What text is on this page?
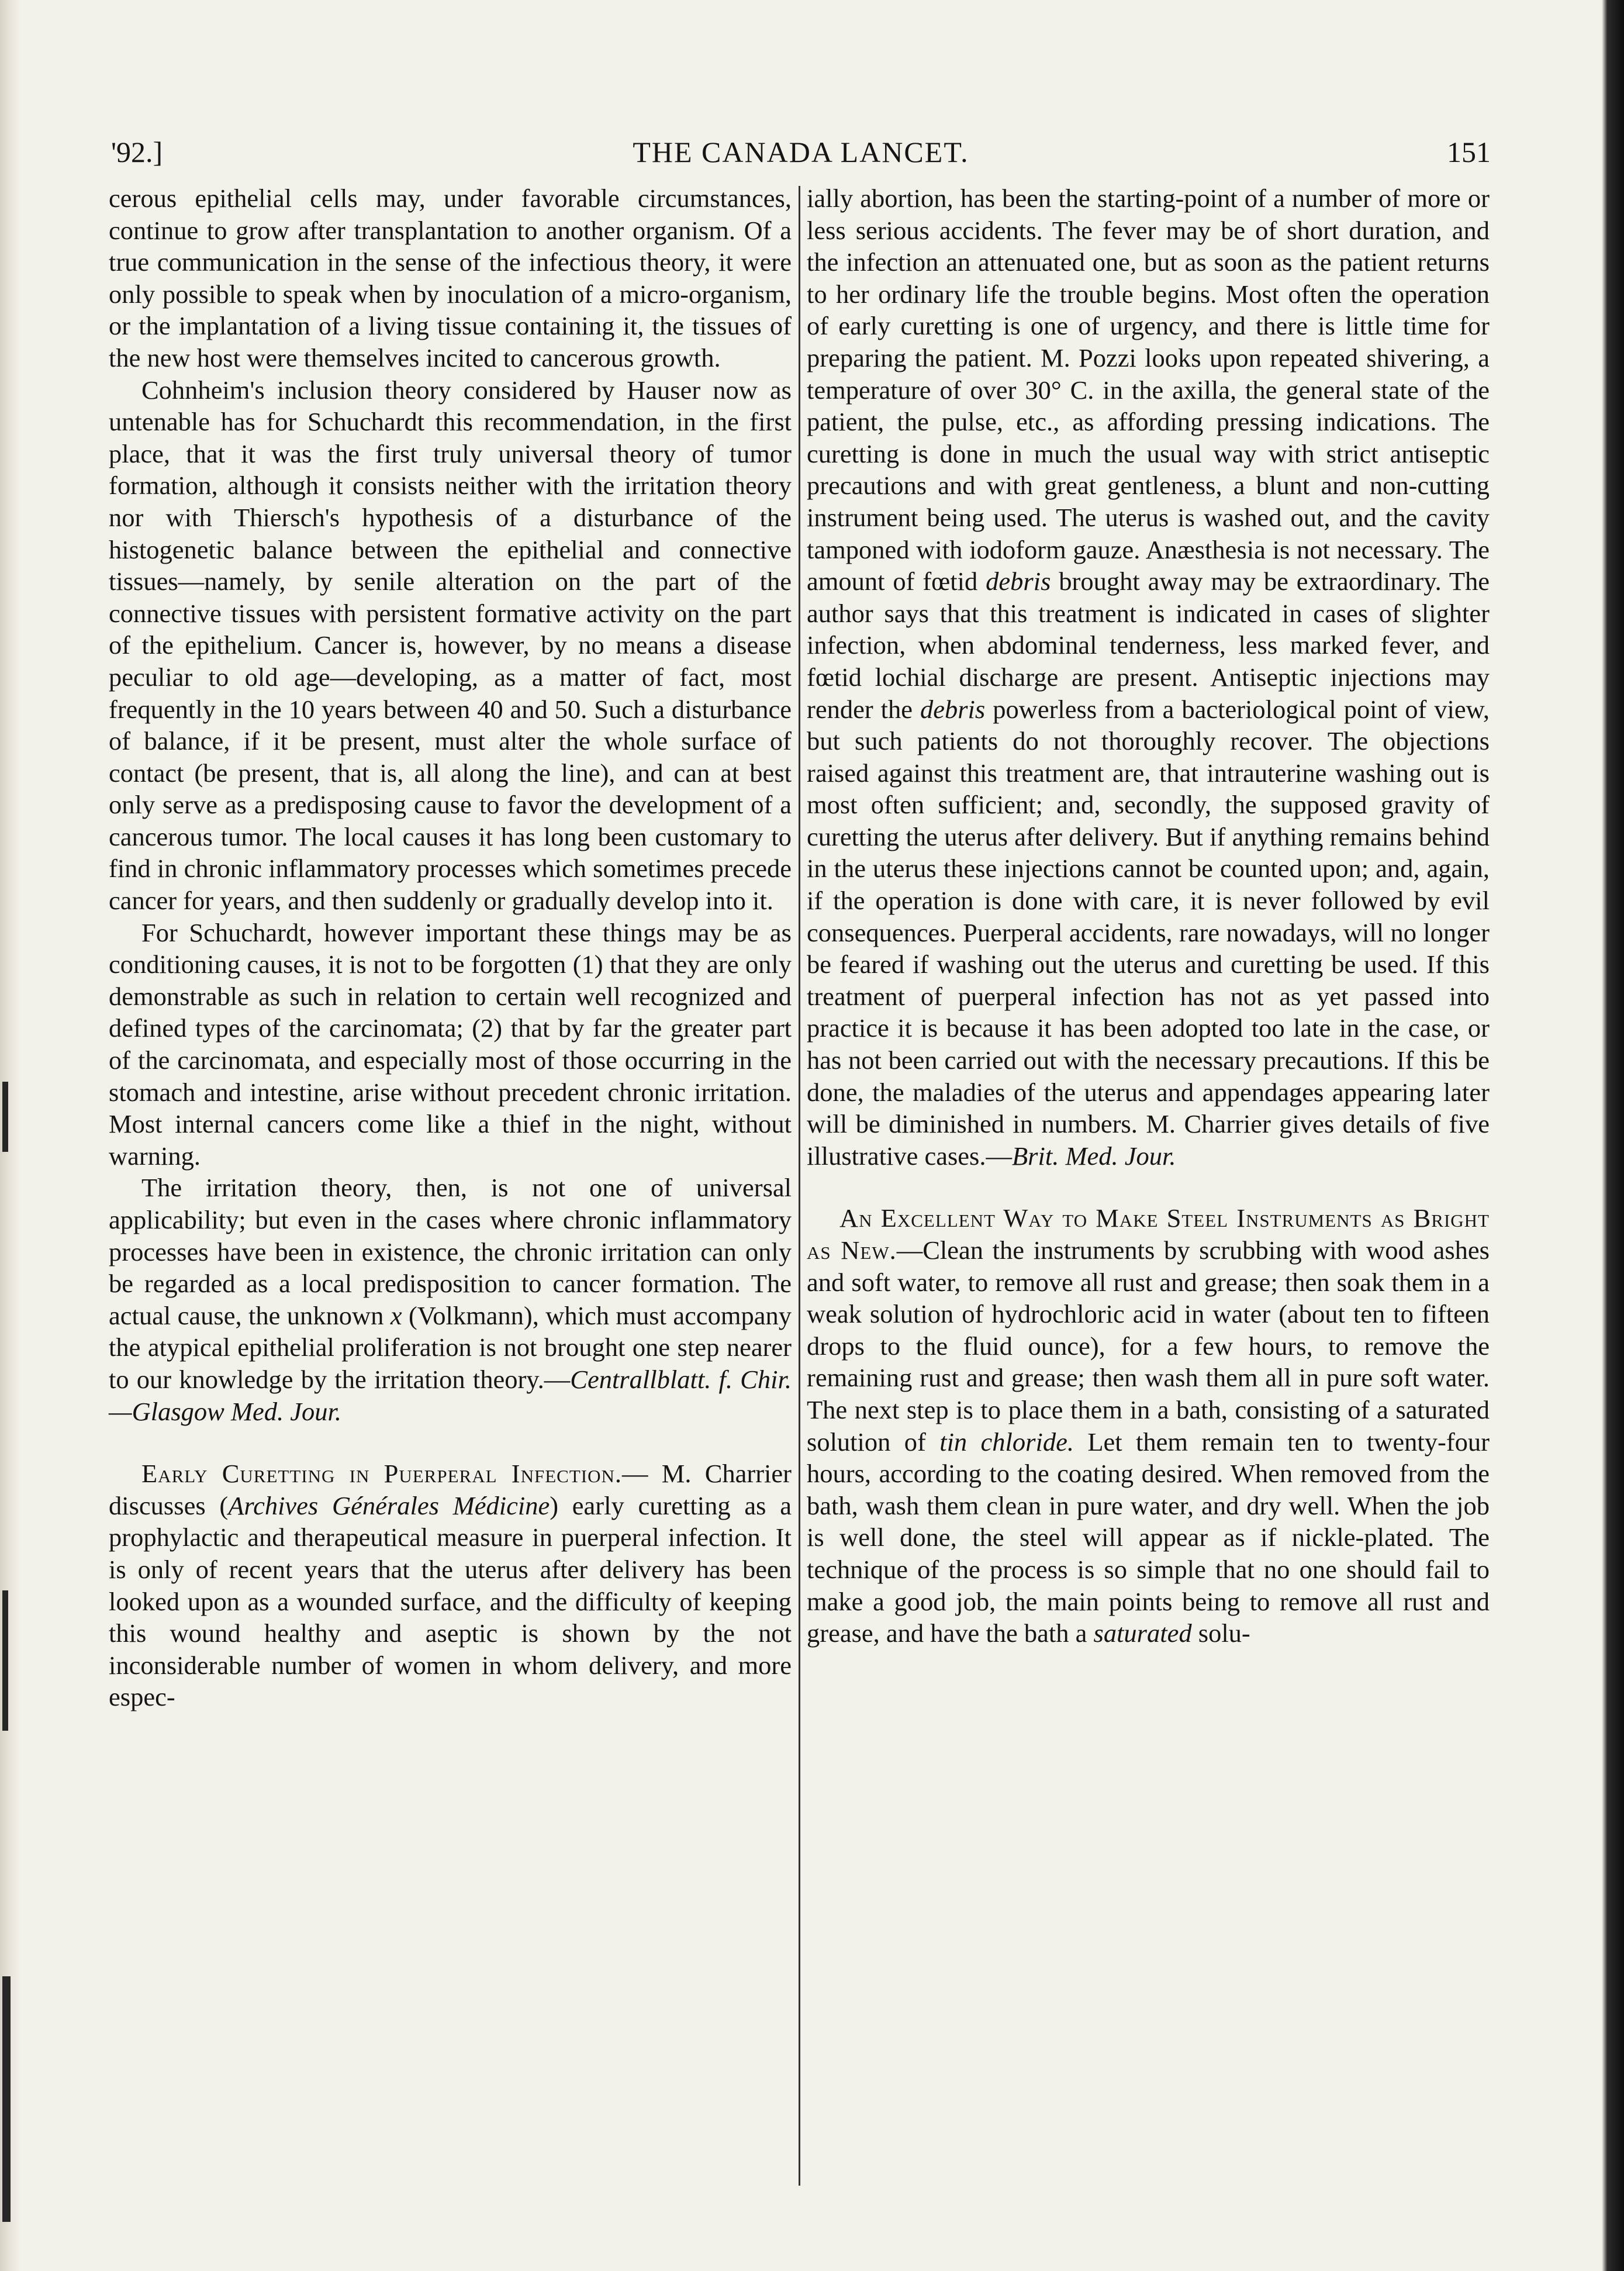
THE CANADA LANCET.
'92.]	151

cerous epithelial cells may, under favorable circumstances, continue to grow after transplantation to another organism. Of a true communication in the sense of the infectious theory, it were only possible to speak when by inoculation of a micro-organism, or the implantation of a living tissue containing it, the tissues of the new host were themselves incited to cancerous growth.

Cohnheim's inclusion theory considered by Hauser now as untenable has for Schuchardt this recommendation, in the first place, that it was the first truly universal theory of tumor formation, although it consists neither with the irritation theory nor with Thiersch's hypothesis of a disturbance of the histogenetic balance between the epithelial and connective tissues—namely, by senile alteration on the part of the connective tissues with persistent formative activity on the part of the epithelium. Cancer is, however, by no means a disease peculiar to old age—developing, as a matter of fact, most frequently in the 10 years between 40 and 50. Such a disturbance of balance, if it be present, must alter the whole surface of contact (be present, that is, all along the line), and can at best only serve as a predisposing cause to favor the development of a cancerous tumor. The local causes it has long been customary to find in chronic inflammatory processes which sometimes precede cancer for years, and then suddenly or gradually develop into it.

For Schuchardt, however important these things may be as conditioning causes, it is not to be forgotten (1) that they are only demonstrable as such in relation to certain well recognized and defined types of the carcinomata; (2) that by far the greater part of the carcinomata, and especially most of those occurring in the stomach and intestine, arise without precedent chronic irritation. Most internal cancers come like a thief in the night, without warning.

The irritation theory, then, is not one of universal applicability; but even in the cases where chronic inflammatory processes have been in existence, the chronic irritation can only be regarded as a local predisposition to cancer formation. The actual cause, the unknown x (Volkmann), which must accompany the atypical epithelial proliferation is not brought one step nearer to our knowledge by the irritation theory.—Centrallblatt. f. Chir.—Glasgow Med. Jour.

Early Curetting in Puerperal Infection.— M. Charrier discusses (Archives Générales Médicine) early curetting as a prophylactic and therapeutical measure in puerperal infection. It is only of recent years that the uterus after delivery has been looked upon as a wounded surface, and the difficulty of keeping this wound healthy and aseptic is shown by the not inconsiderable number of women in whom delivery, and more espec-

ially abortion, has been the starting-point of a number of more or less serious accidents. The fever may be of short duration, and the infection an attenuated one, but as soon as the patient returns to her ordinary life the trouble begins. Most often the operation of early curetting is one of urgency, and there is little time for preparing the patient. M. Pozzi looks upon repeated shivering, a temperature of over 30° C. in the axilla, the general state of the patient, the pulse, etc., as affording pressing indications. The curetting is done in much the usual way with strict antiseptic precautions and with great gentleness, a blunt and non-cutting instrument being used. The uterus is washed out, and the cavity tamponed with iodoform gauze. Anæsthesia is not necessary. The amount of fœtid debris brought away may be extraordinary. The author says that this treatment is indicated in cases of slighter infection, when abdominal tenderness, less marked fever, and fœtid lochial discharge are present. Antiseptic injections may render the debris powerless from a bacteriological point of view, but such patients do not thoroughly recover. The objections raised against this treatment are, that intrauterine washing out is most often sufficient; and, secondly, the supposed gravity of curetting the uterus after delivery. But if anything remains behind in the uterus these injections cannot be counted upon; and, again, if the operation is done with care, it is never followed by evil consequences. Puerperal accidents, rare nowadays, will no longer be feared if washing out the uterus and curetting be used. If this treatment of puerperal infection has not as yet passed into practice it is because it has been adopted too late in the case, or has not been carried out with the necessary precautions. If this be done, the maladies of the uterus and appendages appearing later will be diminished in numbers. M. Charrier gives details of five illustrative cases.—Brit. Med. Jour.

An Excellent Way to Make Steel Instruments as Bright as New.—Clean the instruments by scrubbing with wood ashes and soft water, to remove all rust and grease; then soak them in a weak solution of hydrochloric acid in water (about ten to fifteen drops to the fluid ounce), for a few hours, to remove the remaining rust and grease; then wash them all in pure soft water. The next step is to place them in a bath, consisting of a saturated solution of tin chloride. Let them remain ten to twenty-four hours, according to the coating desired. When removed from the bath, wash them clean in pure water, and dry well. When the job is well done, the steel will appear as if nickle-plated. The technique of the process is so simple that no one should fail to make a good job, the main points being to remove all rust and grease, and have the bath a saturated solu-
